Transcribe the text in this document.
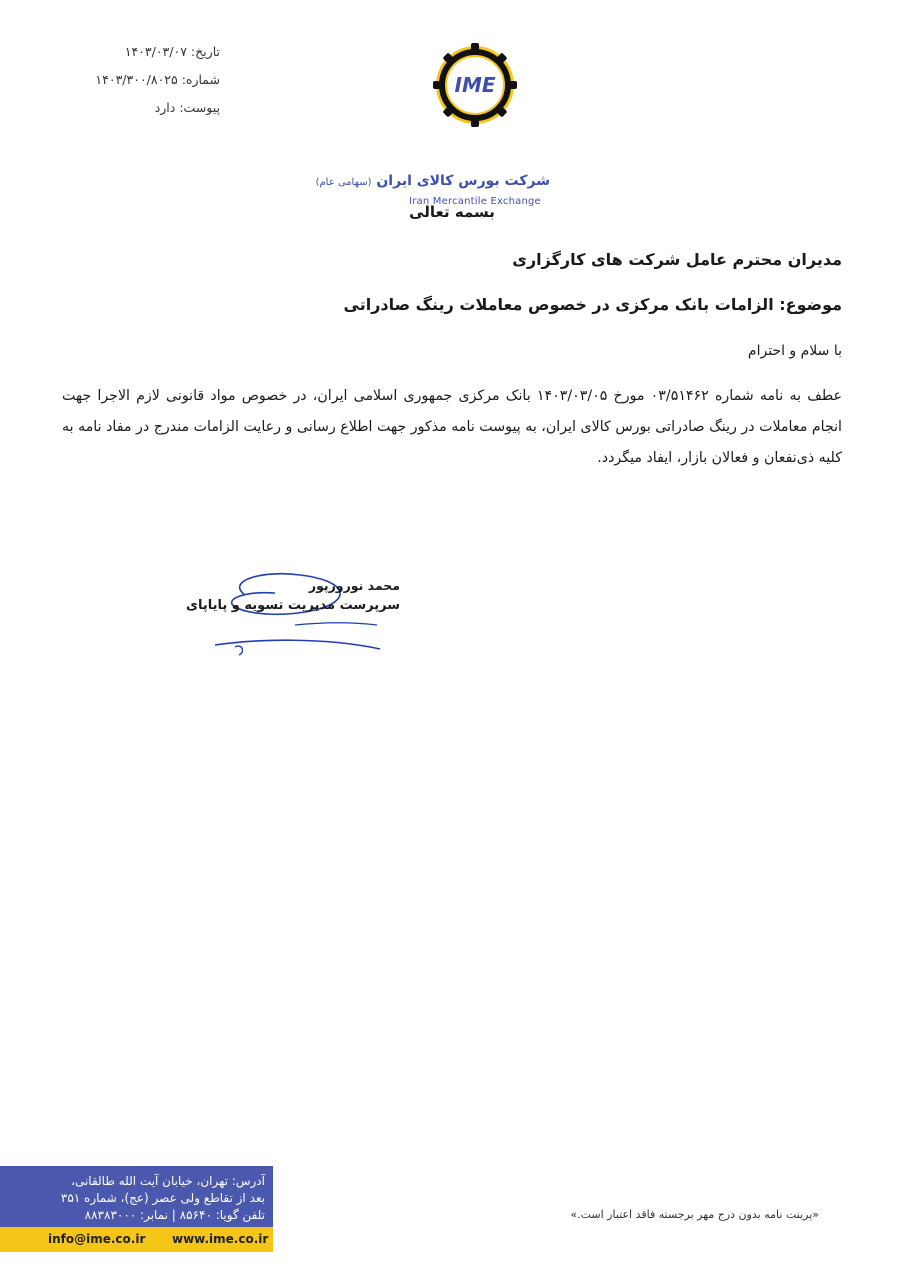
تاریخ: ۱۴۰۳/۰۳/۰۷
شماره: ۱۴۰۳/۳۰۰/۸۰۲۵
پیوست: دارد
IME
شرکت بورس کالای ایران (سهامی عام)
Iran Mercantile Exchange
بسمه تعالی
مدیران محترم عامل شرکت های کارگزاری
موضوع: الزامات بانک مرکزی در خصوص معاملات رینگ صادراتی
با سلام و احترام
عطف به نامه شماره ۰۳/۵۱۴۶۲ مورخ ۱۴۰۳/۰۳/۰۵ بانک مرکزی جمهوری اسلامی ایران، در خصوص مواد قانونی لازم الاجرا جهت انجام معاملات در رینگ صادراتی بورس کالای ایران، به پیوست نامه مذکور جهت اطلاع رسانی و رعایت الزامات مندرج در مفاد نامه به کلیه ذی‌نفعان و فعالان بازار، ایفاد میگردد.
محمد نوروزپور
سرپرست مدیریت تسویه و پایاپای
آدرس: تهران، خیابان آیت الله طالقانی،
بعد از تقاطع ولی عصر (عج)، شماره ۳۵۱
تلفن گویا: ۸۵۶۴۰ | نمابر: ۸۸۳۸۳۰۰۰
info@ime.co.ir www.ime.co.ir
«پرینت نامه بدون درج مهر برجسته فاقد اعتبار است.»
